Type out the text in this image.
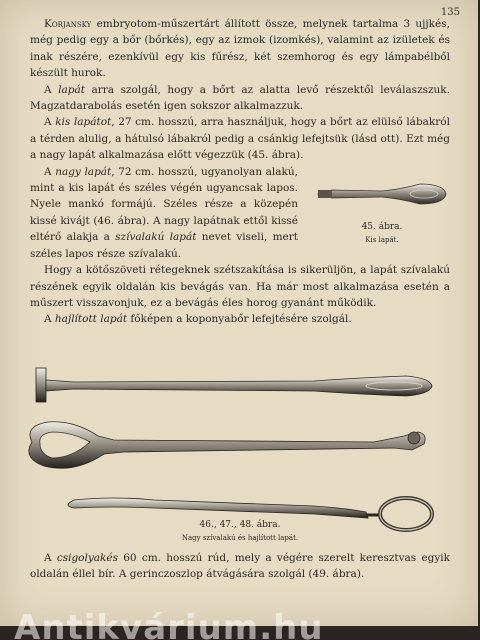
135

Korjansky embryotom-műszertárt állított össze, melynek tartalma 3 ujjkés, még pedig egy a bőr (bőrkés), egy az izmok (izomkés), valamint az izületek és inak részére, ezenkívül egy kis fűrész, két szemhorog és egy lámpabélből készült hurok.

A lapát arra szolgál, hogy a bőrt az alatta levő részektől leválaszszuk. Magzatdarabolás esetén igen sokszor alkalmazzuk.

A kis lapátot, 27 cm. hosszú, arra használjuk, hogy a bőrt az elülső lábakról a térden alulig, a hátulsó lábakról pedig a csánkig lefejtsük (lásd ott). Ezt még a nagy lapát alkalmazása előtt végezzük (45. ábra).

45. ábra.
Kis lapát.

A nagy lapát, 72 cm. hosszú, ugyanolyan alakú, mint a kis lapát és széles végén ugyancsak lapos. Nyele mankó formájú. Széles része a közepén kissé kivájt (46. ábra). A nagy lapátnak ettől kissé eltérő alakja a szívalakú lapát nevet viseli, mert széles lapos része szívalakú.

Hogy a kötőszöveti rétegeknek szétszakítása is sikerüljön, a lapát szívalakú részének egyik oldalán kis bevágás van. Ha már most alkalmazása esetén a műszert visszavonjuk, ez a bevágás éles horog gyanánt működik.

A hajlított lapát főképen a koponyabőr lefejtésére szolgál.

46., 47., 48. ábra.
Nagy szívalakú és hajlított lapát.

A csigolyakés 60 cm. hosszú rúd, mely a végére szerelt keresztvas egyik oldalán éllel bír. A gerinczoszlop átvágására szolgál (49. ábra).

Antikvárium.hu
